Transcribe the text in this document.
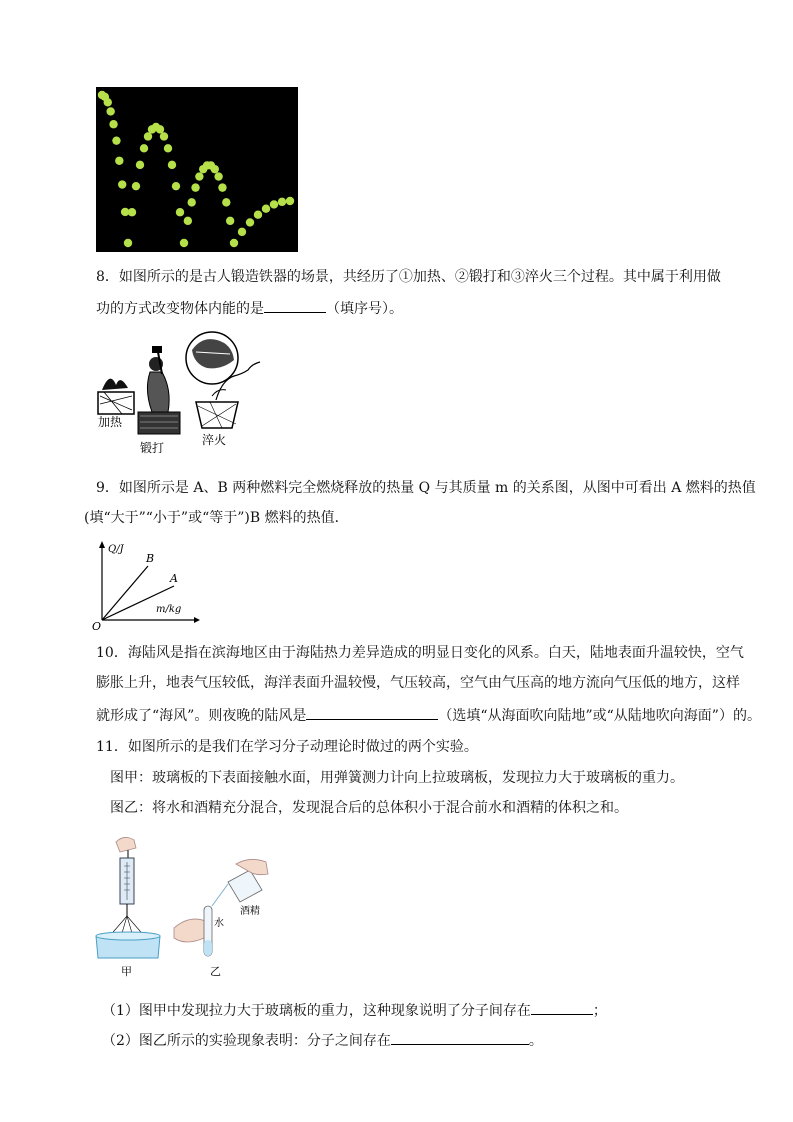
8．如图所示的是古人锻造铁器的场景，共经历了①加热、②锻打和③淬火三个过程。其中属于利用做
功的方式改变物体内能的是	（填序号）。
加热
锻打
淬火
9．如图所示是 A、B 两种燃料完全燃烧释放的热量 Q 与其质量 m 的关系图，从图中可看出 A 燃料的热值
(填“大于”“小于”或“等于”)B 燃料的热值．
Q/J
B
A
m/kg
O
10．海陆风是指在滨海地区由于海陆热力差异造成的明显日变化的风系。白天，陆地表面升温较快，空气
膨胀上升，地表气压较低，海洋表面升温较慢，气压较高，空气由气压高的地方流向气压低的地方，这样
就形成了“海风”。则夜晚的陆风是	（选填“从海面吹向陆地”或“从陆地吹向海面”）的。
11．如图所示的是我们在学习分子动理论时做过的两个实验。
图甲：玻璃板的下表面接触水面，用弹簧测力计向上拉玻璃板，发现拉力大于玻璃板的重力。
图乙：将水和酒精充分混合，发现混合后的总体积小于混合前水和酒精的体积之和。
水
酒精
甲	乙
（1）图甲中发现拉力大于玻璃板的重力，这种现象说明了分子间存在	；
（2）图乙所示的实验现象表明：分子之间存在	。
